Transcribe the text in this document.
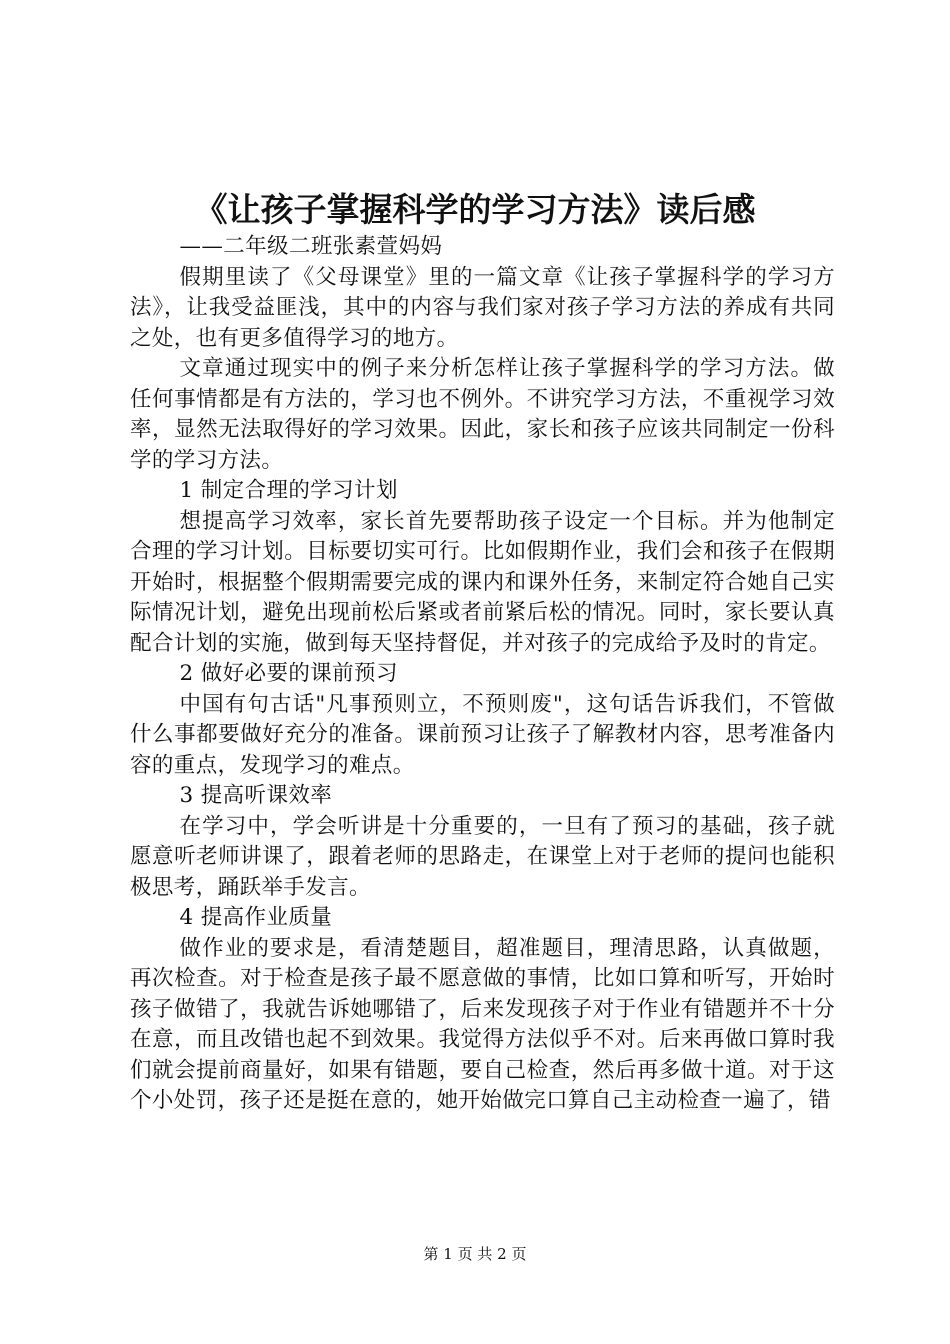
《让孩子掌握科学的学习方法》读后感

——二年级二班张素萱妈妈

假期里读了《父母课堂》里的一篇文章《让孩子掌握科学的学习方法》，让我受益匪浅，其中的内容与我们家对孩子学习方法的养成有共同之处，也有更多值得学习的地方。

文章通过现实中的例子来分析怎样让孩子掌握科学的学习方法。做任何事情都是有方法的，学习也不例外。不讲究学习方法，不重视学习效率，显然无法取得好的学习效果。因此，家长和孩子应该共同制定一份科学的学习方法。

1 制定合理的学习计划

想提高学习效率，家长首先要帮助孩子设定一个目标。并为他制定合理的学习计划。目标要切实可行。比如假期作业，我们会和孩子在假期开始时，根据整个假期需要完成的课内和课外任务，来制定符合她自己实际情况计划，避免出现前松后紧或者前紧后松的情况。同时，家长要认真配合计划的实施，做到每天坚持督促，并对孩子的完成给予及时的肯定。

2 做好必要的课前预习

中国有句古话"凡事预则立，不预则废"，这句话告诉我们，不管做什么事都要做好充分的准备。课前预习让孩子了解教材内容，思考准备内容的重点，发现学习的难点。

3 提高听课效率

在学习中，学会听讲是十分重要的，一旦有了预习的基础，孩子就愿意听老师讲课了，跟着老师的思路走，在课堂上对于老师的提问也能积极思考，踊跃举手发言。

4 提高作业质量

做作业的要求是，看清楚题目，超准题目，理清思路，认真做题，再次检查。对于检查是孩子最不愿意做的事情，比如口算和听写，开始时孩子做错了，我就告诉她哪错了，后来发现孩子对于作业有错题并不十分在意，而且改错也起不到效果。我觉得方法似乎不对。后来再做口算时我们就会提前商量好，如果有错题，要自己检查，然后再多做十道。对于这个小处罚，孩子还是挺在意的，她开始做完口算自己主动检查一遍了，错

第 1 页 共 2 页
